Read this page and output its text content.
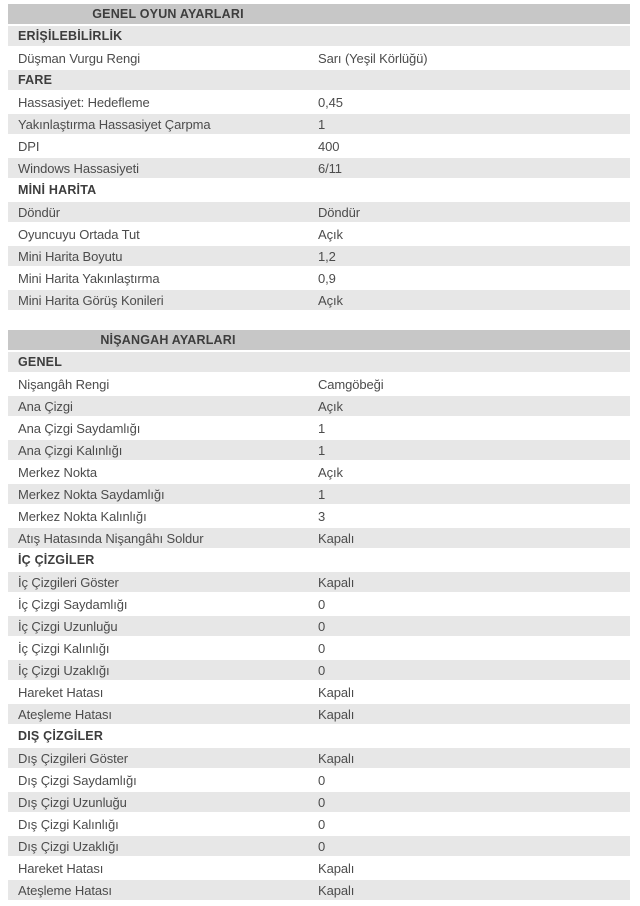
GENEL OYUN AYARLARI
ERİŞİLEBİLİRLİK
Düşman Vurgu Rengi	Sarı (Yeşil Körlüğü)
FARE
Hassasiyet: Hedefleme	0,45
Yakınlaştırma Hassasiyet Çarpma	1
DPI	400
Windows Hassasiyeti	6/11
MİNİ HARİTA
Döndür	Döndür
Oyuncuyu Ortada Tut	Açık
Mini Harita Boyutu	1,2
Mini Harita Yakınlaştırma	0,9
Mini Harita Görüş Konileri	Açık
NİŞANGAH AYARLARI
GENEL
Nişangâh Rengi	Camgöbeği
Ana Çizgi	Açık
Ana Çizgi Saydamlığı	1
Ana Çizgi Kalınlığı	1
Merkez Nokta	Açık
Merkez Nokta Saydamlığı	1
Merkez Nokta Kalınlığı	3
Atış Hatasında Nişangâhı Soldur	Kapalı
İÇ ÇİZGİLER
İç Çizgileri Göster	Kapalı
İç Çizgi Saydamlığı	0
İç Çizgi Uzunluğu	0
İç Çizgi Kalınlığı	0
İç Çizgi Uzaklığı	0
Hareket Hatası	Kapalı
Ateşleme Hatası	Kapalı
DIŞ ÇİZGİLER
Dış Çizgileri Göster	Kapalı
Dış Çizgi Saydamlığı	0
Dış Çizgi Uzunluğu	0
Dış Çizgi Kalınlığı	0
Dış Çizgi Uzaklığı	0
Hareket Hatası	Kapalı
Ateşleme Hatası	Kapalı
